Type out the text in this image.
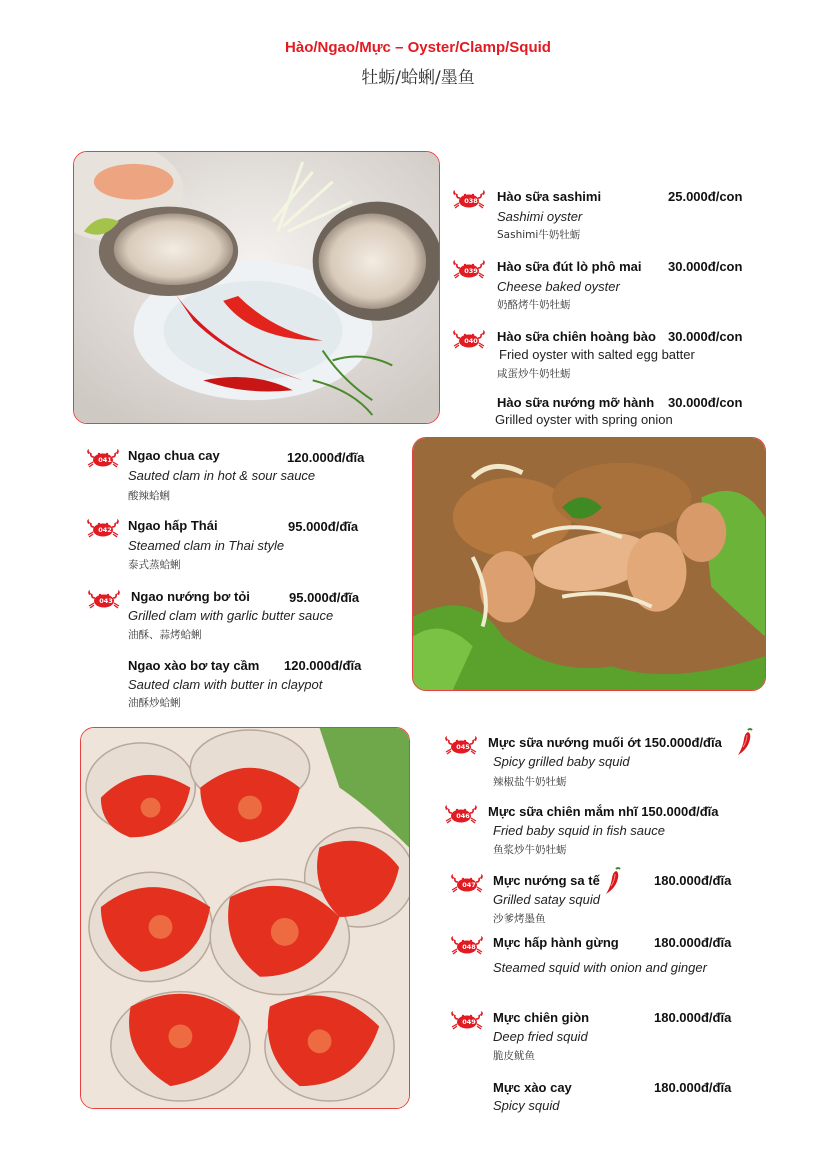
Hào/Ngao/Mực – Oyster/Clamp/Squid
牡蛎/蛤蜊/墨鱼
038 Hào sữa sashimi	25.000đ/con
Sashimi oyster
Sashimi牛奶牡蛎
039 Hào sữa đút lò phô mai 30.000đ/con
Cheese baked oyster
奶酪烤牛奶牡蛎
040 Hào sữa chiên hoàng bào 30.000đ/con
Fried oyster with salted egg batter
咸蛋炒牛奶牡蛎
Hào sữa nướng mỡ hành 30.000đ/con
Grilled oyster with spring onion
041 Ngao chua cay	120.000đ/đĩa
Sauted clam in hot & sour sauce
酸辣蛤蜊
042 Ngao hấp Thái	95.000đ/đĩa
Steamed clam in Thai style
泰式蒸蛤蜊
043 Ngao nướng bơ tỏi	95.000đ/đĩa
Grilled clam with garlic butter sauce
油酥、蒜烤蛤蜊
Ngao xào bơ tay cầm 120.000đ/đĩa
Sauted clam with butter in claypot
油酥炒蛤蜊
045 Mực sữa nướng muối ớt 150.000đ/đĩa
Spicy grilled baby squid
辣椒盐牛奶牡蛎
046 Mực sữa chiên mắm nhĩ 150.000đ/đĩa
Fried baby squid in fish sauce
鱼浆炒牛奶牡蛎
047 Mực nướng sa tế	180.000đ/đĩa
Grilled satay squid
沙爹烤墨鱼
048 Mực hấp hành gừng	180.000đ/đĩa
Steamed squid with onion and ginger
049 Mực chiên giòn	180.000đ/đĩa
Deep fried squid
脆皮鱿鱼
Mực xào cay	180.000đ/đĩa
Spicy squid
